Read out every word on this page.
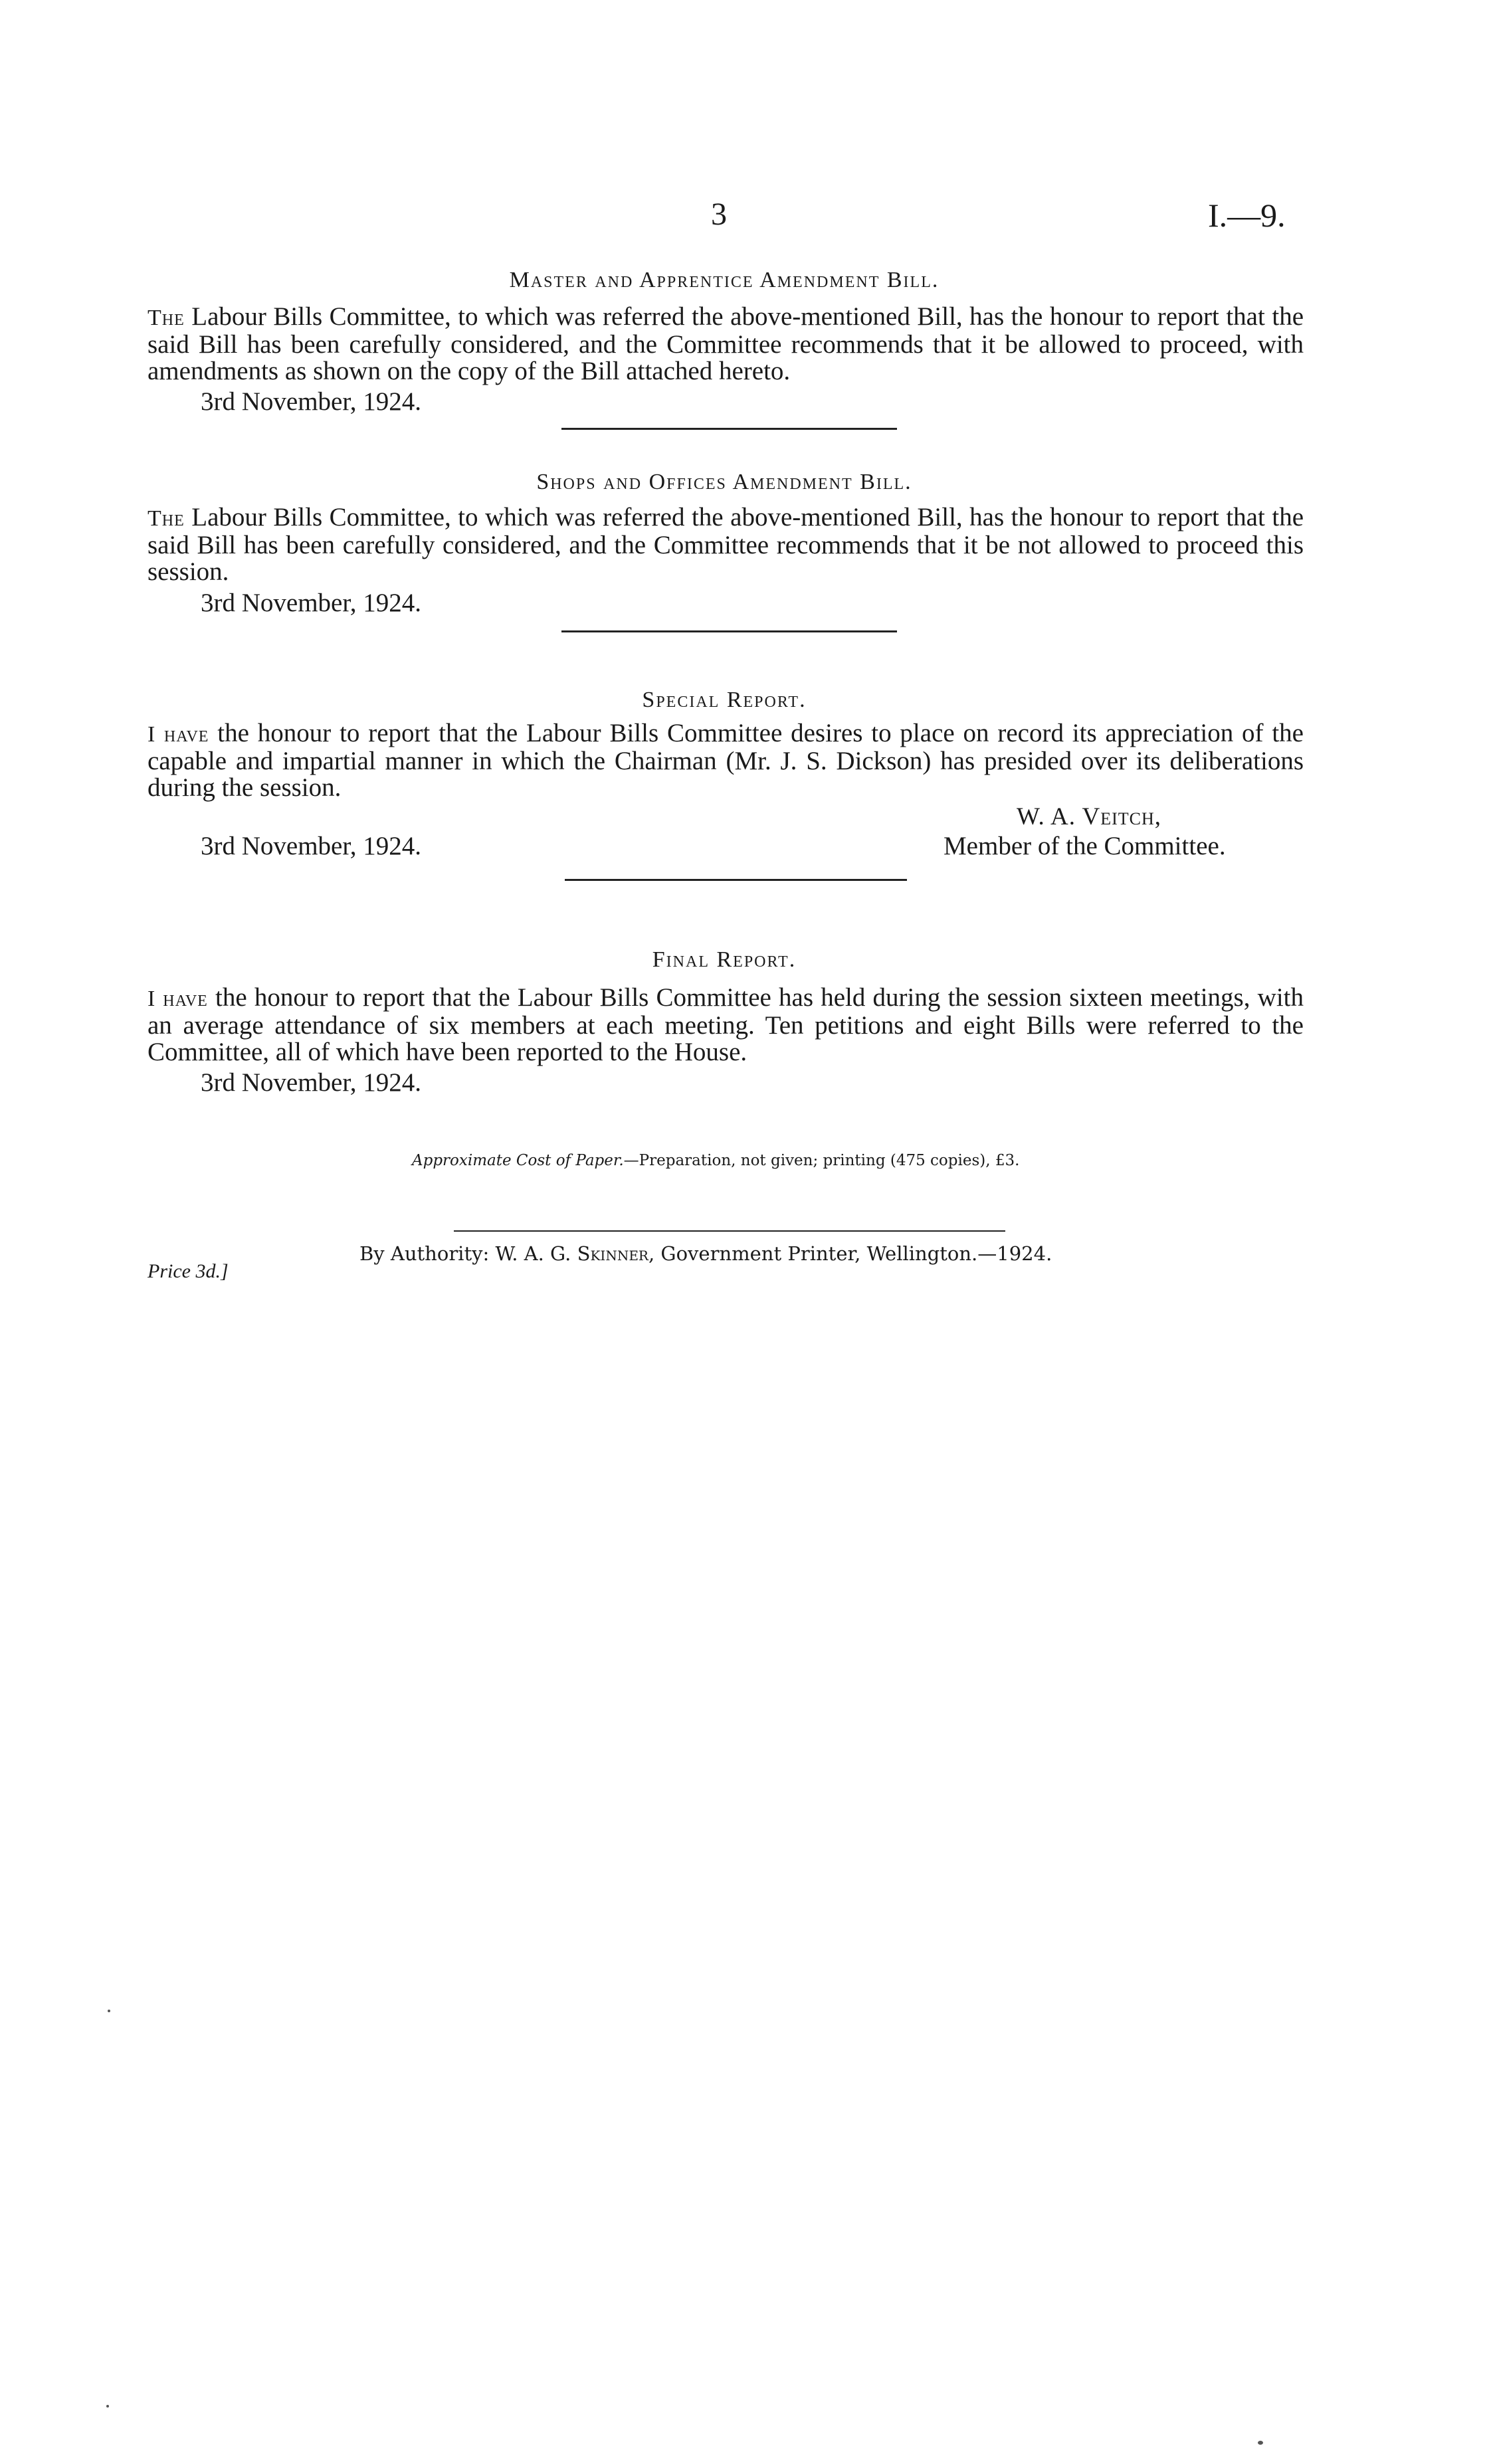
3	I.—9.
Master and Apprentice Amendment Bill.
The Labour Bills Committee, to which was referred the above-mentioned Bill, has the honour to report that the said Bill has been carefully considered, and the Committee recommends that it be allowed to proceed, with amendments as shown on the copy of the Bill attached hereto.
3rd November, 1924.
Shops and Offices Amendment Bill.
The Labour Bills Committee, to which was referred the above-mentioned Bill, has the honour to report that the said Bill has been carefully considered, and the Committee recommends that it be not allowed to proceed this session.
3rd November, 1924.
Special Report.
I have the honour to report that the Labour Bills Committee desires to place on record its appreciation of the capable and impartial manner in which the Chairman (Mr. J. S. Dickson) has presided over its deliberations during the session.
W. A. Veitch,
3rd November, 1924.	Member of the Committee.
Final Report.
I have the honour to report that the Labour Bills Committee has held during the session sixteen meetings, with an average attendance of six members at each meeting. Ten petitions and eight Bills were referred to the Committee, all of which have been reported to the House.
3rd November, 1924.
Approximate Cost of Paper.—Preparation, not given; printing (475 copies), £3.
By Authority: W. A. G. Skinner, Government Printer, Wellington.—1924.
Price 3d.]
